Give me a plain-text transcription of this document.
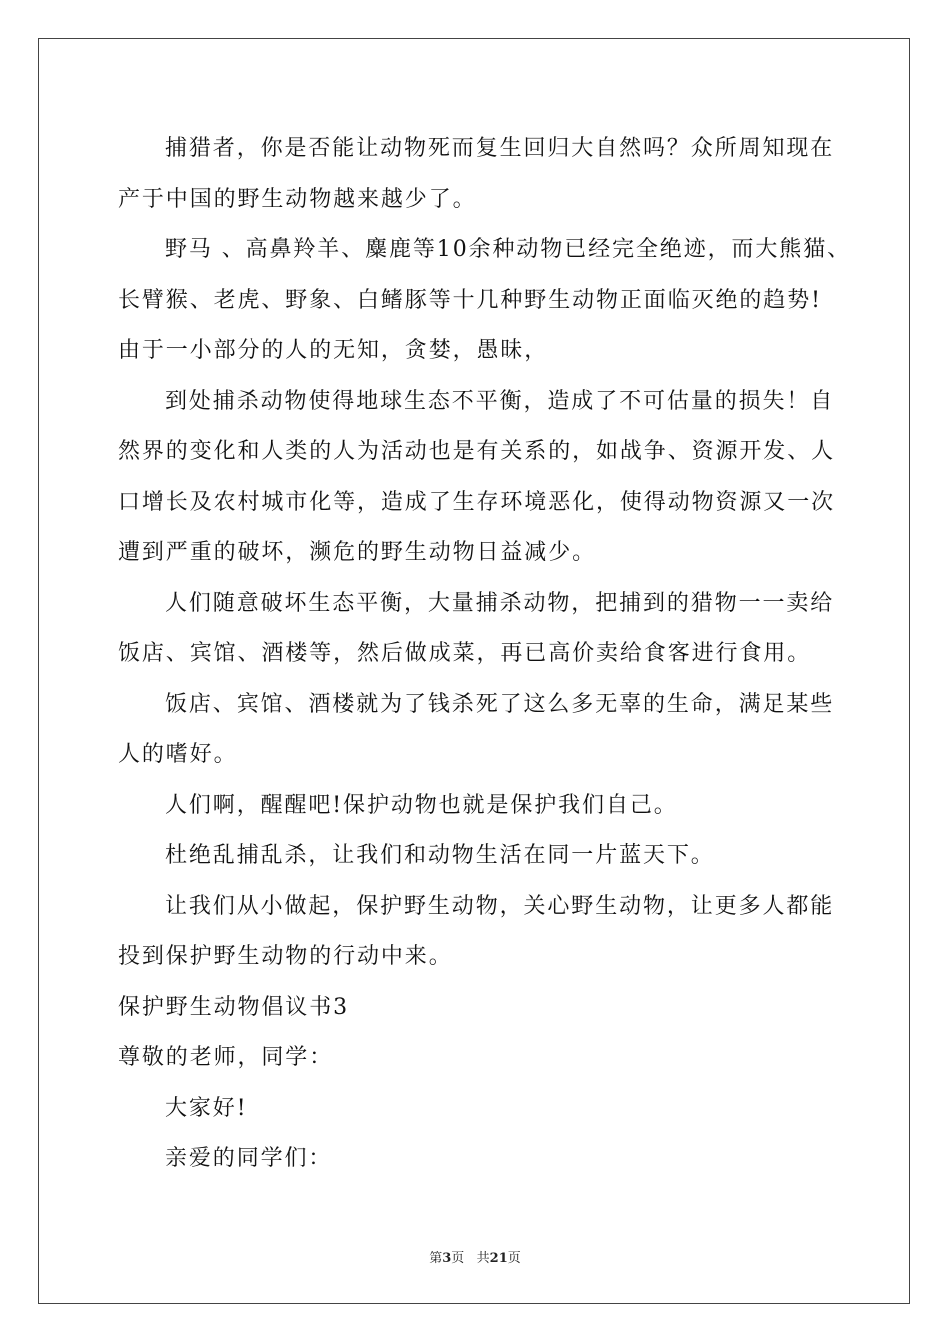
捕猎者，你是否能让动物死而复生回归大自然吗？众所周知现在
产于中国的野生动物越来越少了。
野马 、高鼻羚羊、麋鹿等10余种动物已经完全绝迹，而大熊猫、
长臂猴、老虎、野象、白鳍豚等十几种野生动物正面临灭绝的趋势!
由于一小部分的人的无知，贪婪，愚昧，
到处捕杀动物使得地球生态不平衡，造成了不可估量的损失！自
然界的变化和人类的人为活动也是有关系的，如战争、资源开发、人
口增长及农村城市化等，造成了生存环境恶化，使得动物资源又一次
遭到严重的破坏，濒危的野生动物日益减少。
人们随意破坏生态平衡，大量捕杀动物，把捕到的猎物一一卖给
饭店、宾馆、酒楼等，然后做成菜，再已高价卖给食客进行食用。
饭店、宾馆、酒楼就为了钱杀死了这么多无辜的生命，满足某些
人的嗜好。
人们啊，醒醒吧!保护动物也就是保护我们自己。
杜绝乱捕乱杀，让我们和动物生活在同一片蓝天下。
让我们从小做起，保护野生动物，关心野生动物，让更多人都能
投到保护野生动物的行动中来。
保护野生动物倡议书3
尊敬的老师，同学：
大家好!
亲爱的同学们：
第3页   共21页
